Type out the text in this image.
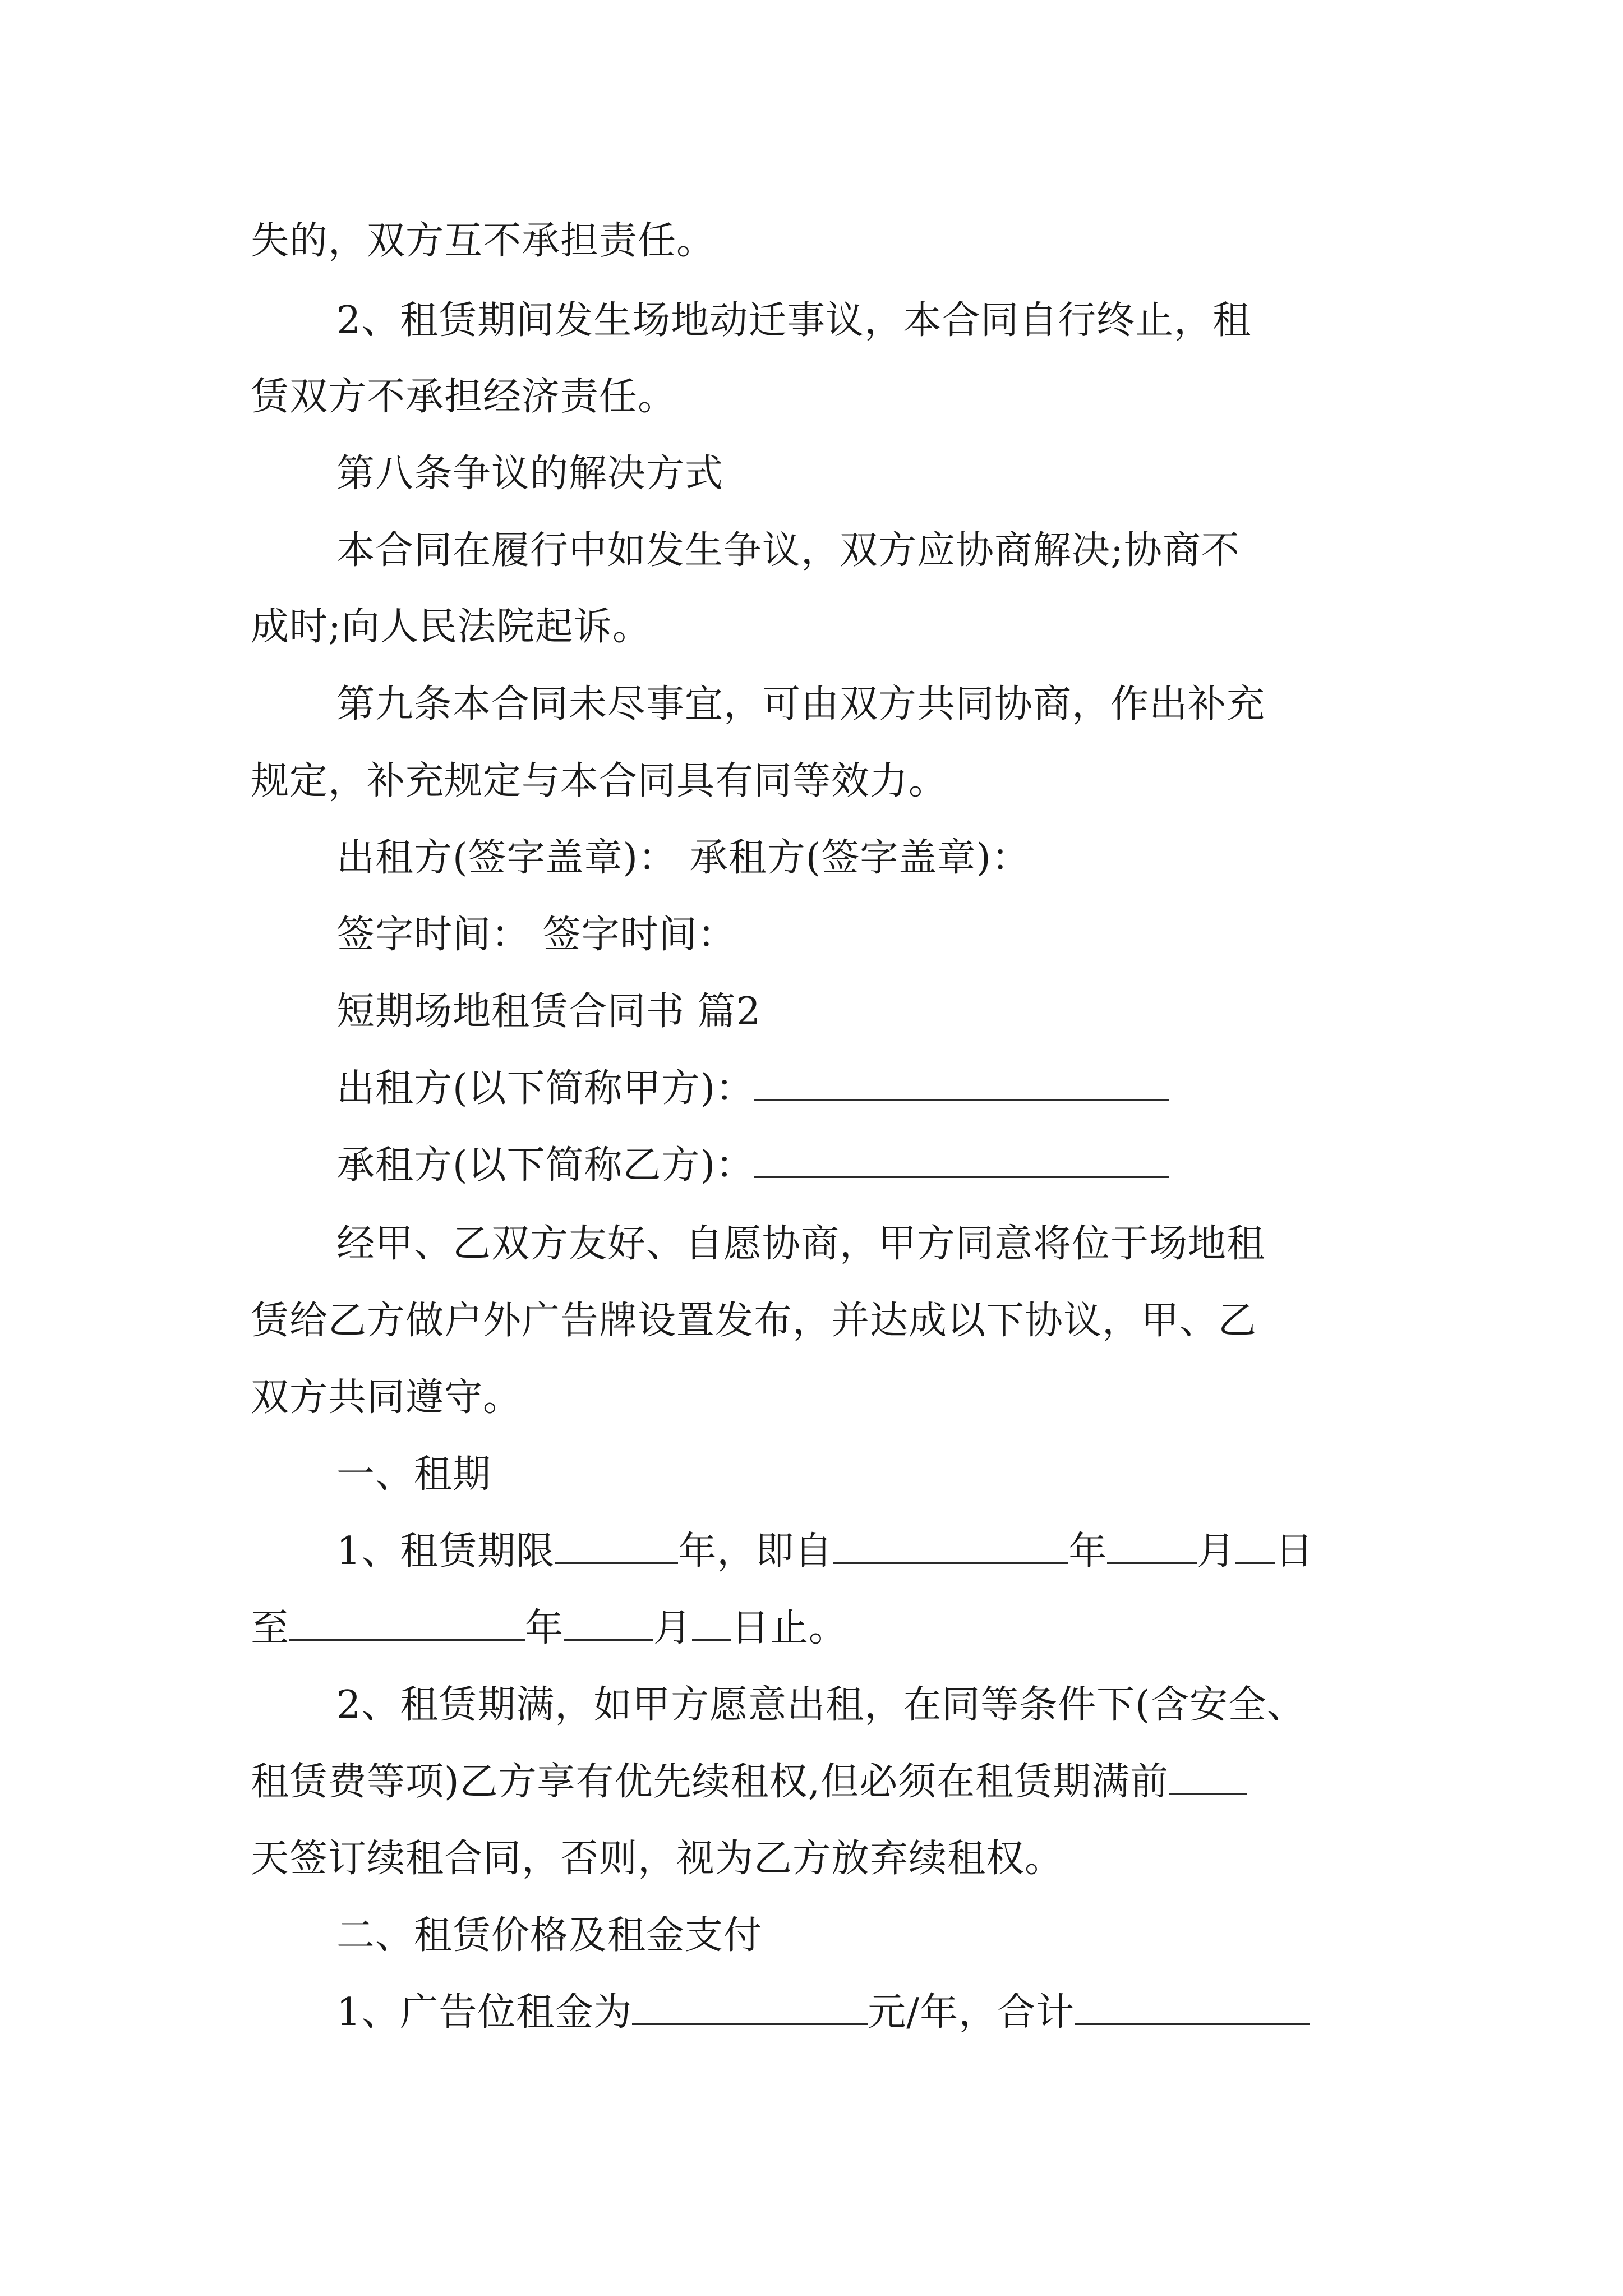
失的，双方互不承担责任。
2、租赁期间发生场地动迁事议，本合同自行终止，租
赁双方不承担经济责任。
第八条争议的解决方式
本合同在履行中如发生争议，双方应协商解决;协商不
成时;向人民法院起诉。
第九条本合同未尽事宜，可由双方共同协商，作出补充
规定，补充规定与本合同具有同等效力。
出租方(签字盖章)： 承租方(签字盖章)：
签字时间： 签字时间：
短期场地租赁合同书 篇2
出租方(以下简称甲方)：
承租方(以下简称乙方)：
经甲、乙双方友好、自愿协商，甲方同意将位于场地租
赁给乙方做户外广告牌设置发布，并达成以下协议，甲、乙
双方共同遵守。
一、租期
1、租赁期限	年，即自	年 月 日
至	年 月 日止。
2、租赁期满，如甲方愿意出租，在同等条件下(含安全、
租赁费等项)乙方享有优先续租权,但必须在租赁期满前
天签订续租合同，否则，视为乙方放弃续租权。
二、租赁价格及租金支付
1、广告位租金为	元/年，合计
